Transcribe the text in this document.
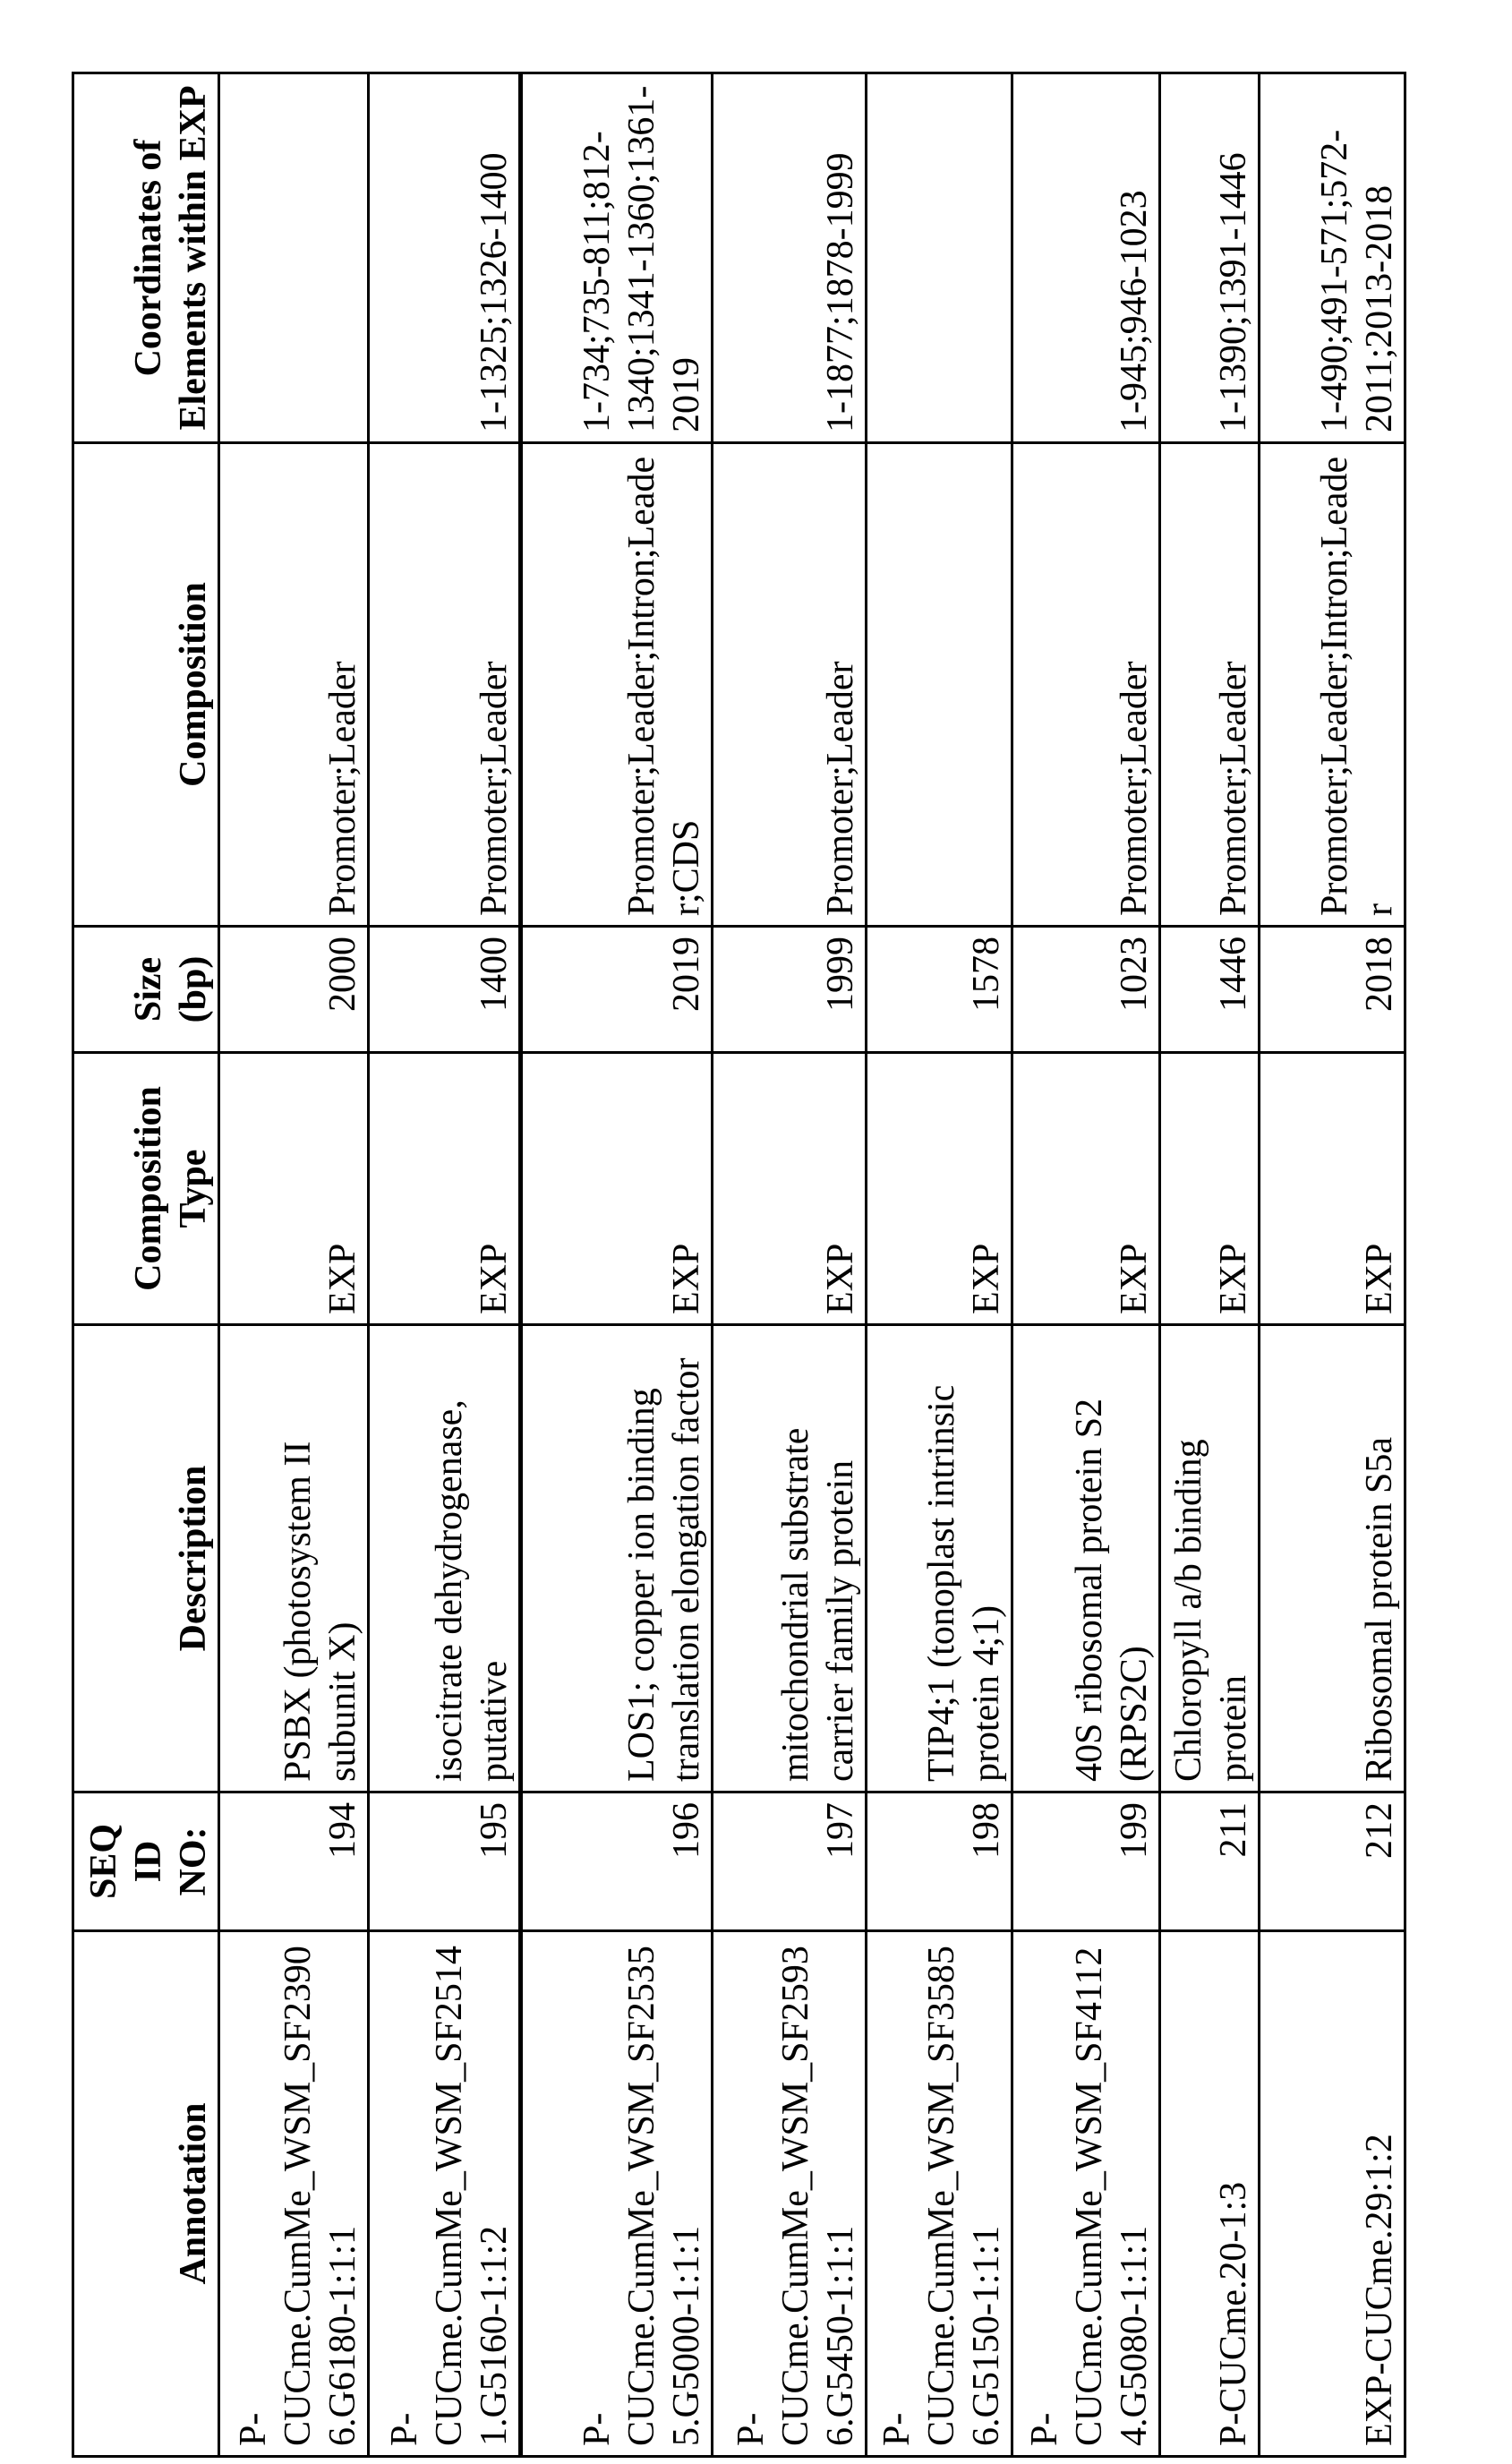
Annotation	SEQ ID NO:	Description	Composition Type	Size (bp)	Composition	Coordinates of Elements within EXP
P-CUCme.CumMe_WSM_SF23906.G6180-1:1:1	194	PSBX (photosystem II subunit X)	EXP	2000	Promoter;Leader	
P-CUCme.CumMe_WSM_SF25141.G5160-1:1:2	195	isocitrate dehydrogenase, putative	EXP	1400	Promoter;Leader	1-1325;1326-1400
P-CUCme.CumMe_WSM_SF25355.G5000-1:1:1	196	LOS1; copper ion binding translation elongation factor	EXP	2019	Promoter;Leader;Intron;Leader;CDS	1-734;735-811;812-1340;1341-1360;1361-2019
P-CUCme.CumMe_WSM_SF25936.G5450-1:1:1	197	mitochondrial substrate carrier family protein	EXP	1999	Promoter;Leader	1-1877;1878-1999
P-CUCme.CumMe_WSM_SF35856.G5150-1:1:1	198	TIP4;1 (tonoplast intrinsic protein 4;1)	EXP	1578		
P-CUCme.CumMe_WSM_SF41124.G5080-1:1:1	199	40S ribosomal protein S2 (RPS2C)	EXP	1023	Promoter;Leader	1-945;946-1023
P-CUCme.20-1:3	211	Chloropyll a/b binding protein	EXP	1446	Promoter;Leader	1-1390;1391-1446
EXP-CUCme.29:1:2	212	Ribosomal protein S5a	EXP	2018	Promoter;Leader;Intron;Leader	1-490;491-571;572-2011;2013-2018
